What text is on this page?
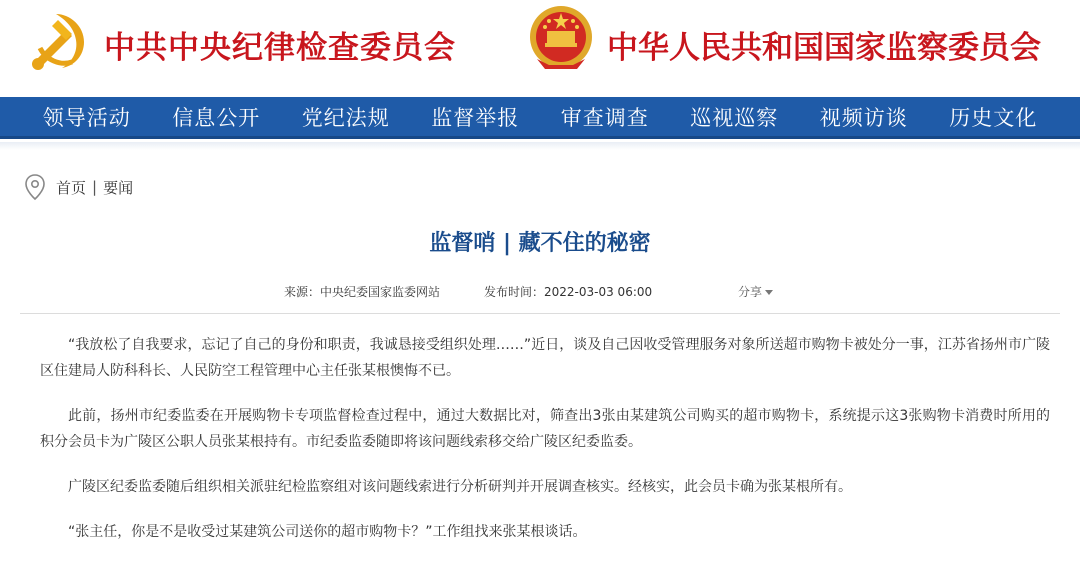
中共中央纪律检查委员会	中华人民共和国国家监察委员会
领导活动 信息公开 党纪法规 监督举报 审查调查 巡视巡察 视频访谈 历史文化
首页 | 要闻
监督哨 | 藏不住的秘密
来源：中央纪委国家监委网站	发布时间：2022-03-03 06:00	分享

“我放松了自我要求，忘记了自己的身份和职责，我诚恳接受组织处理……”近日，谈及自己因收受管理服务对象所送超市购物卡被处分一事，江苏省扬州市广陵区住建局人防科科长、人民防空工程管理中心主任张某根懊悔不已。

此前，扬州市纪委监委在开展购物卡专项监督检查过程中，通过大数据比对，筛查出3张由某建筑公司购买的超市购物卡，系统提示这3张购物卡消费时所用的积分会员卡为广陵区公职人员张某根持有。市纪委监委随即将该问题线索移交给广陵区纪委监委。

广陵区纪委监委随后组织相关派驻纪检监察组对该问题线索进行分析研判并开展调查核实。经核实，此会员卡确为张某根所有。

“张主任，你是不是收受过某建筑公司送你的超市购物卡？”工作组找来张某根谈话。
